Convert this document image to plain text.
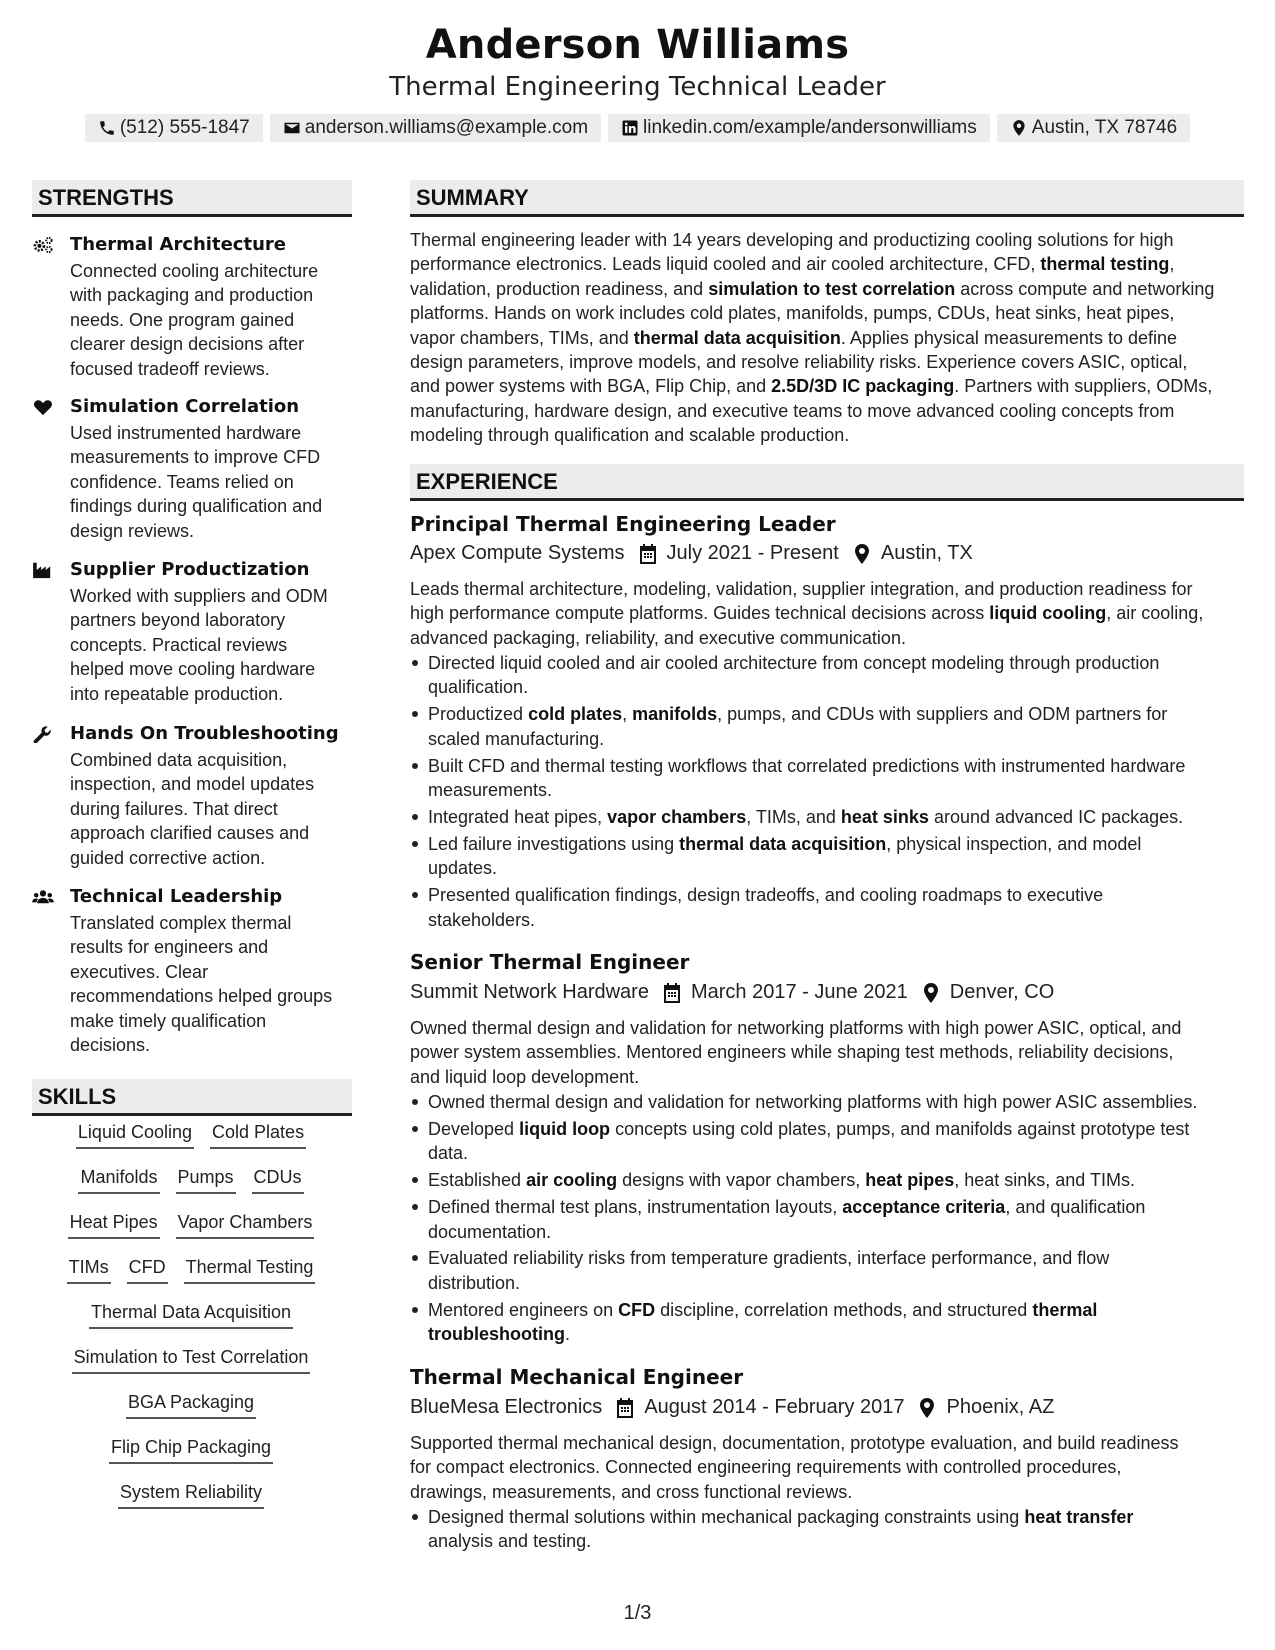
Anderson Williams
Thermal Engineering Technical Leader
(512) 555-1847	anderson.williams@example.com	linkedin.com/example/andersonwilliams	Austin, TX 78746
STRENGTHS
Thermal Architecture
Connected cooling architecture
with packaging and production
needs. One program gained
clearer design decisions after
focused tradeoff reviews.
Simulation Correlation
Used instrumented hardware
measurements to improve CFD
confidence. Teams relied on
findings during qualification and
design reviews.
Supplier Productization
Worked with suppliers and ODM
partners beyond laboratory
concepts. Practical reviews
helped move cooling hardware
into repeatable production.
Hands On Troubleshooting
Combined data acquisition,
inspection, and model updates
during failures. That direct
approach clarified causes and
guided corrective action.
Technical Leadership
Translated complex thermal
results for engineers and
executives. Clear
recommendations helped groups
make timely qualification
decisions.
SKILLS
Liquid Cooling Cold Plates
Manifolds Pumps CDUs
Heat Pipes Vapor Chambers
TIMs CFD Thermal Testing
Thermal Data Acquisition
Simulation to Test Correlation
BGA Packaging
Flip Chip Packaging
System Reliability
SUMMARY
Thermal engineering leader with 14 years developing and productizing cooling solutions for high
performance electronics. Leads liquid cooled and air cooled architecture, CFD, thermal testing,
validation, production readiness, and simulation to test correlation across compute and networking
platforms. Hands on work includes cold plates, manifolds, pumps, CDUs, heat sinks, heat pipes,
vapor chambers, TIMs, and thermal data acquisition. Applies physical measurements to define
design parameters, improve models, and resolve reliability risks. Experience covers ASIC, optical,
and power systems with BGA, Flip Chip, and 2.5D/3D IC packaging. Partners with suppliers, ODMs,
manufacturing, hardware design, and executive teams to move advanced cooling concepts from
modeling through qualification and scalable production.
EXPERIENCE
Principal Thermal Engineering Leader
Apex Compute Systems July 2021 - Present Austin, TX
Leads thermal architecture, modeling, validation, supplier integration, and production readiness for
high performance compute platforms. Guides technical decisions across liquid cooling, air cooling,
advanced packaging, reliability, and executive communication.
Directed liquid cooled and air cooled architecture from concept modeling through production
qualification.
Productized cold plates, manifolds, pumps, and CDUs with suppliers and ODM partners for
scaled manufacturing.
Built CFD and thermal testing workflows that correlated predictions with instrumented hardware
measurements.
Integrated heat pipes, vapor chambers, TIMs, and heat sinks around advanced IC packages.
Led failure investigations using thermal data acquisition, physical inspection, and model
updates.
Presented qualification findings, design tradeoffs, and cooling roadmaps to executive
stakeholders.
Senior Thermal Engineer
Summit Network Hardware March 2017 - June 2021 Denver, CO
Owned thermal design and validation for networking platforms with high power ASIC, optical, and
power system assemblies. Mentored engineers while shaping test methods, reliability decisions,
and liquid loop development.
Owned thermal design and validation for networking platforms with high power ASIC assemblies.
Developed liquid loop concepts using cold plates, pumps, and manifolds against prototype test
data.
Established air cooling designs with vapor chambers, heat pipes, heat sinks, and TIMs.
Defined thermal test plans, instrumentation layouts, acceptance criteria, and qualification
documentation.
Evaluated reliability risks from temperature gradients, interface performance, and flow
distribution.
Mentored engineers on CFD discipline, correlation methods, and structured thermal
troubleshooting.
Thermal Mechanical Engineer
BlueMesa Electronics August 2014 - February 2017 Phoenix, AZ
Supported thermal mechanical design, documentation, prototype evaluation, and build readiness
for compact electronics. Connected engineering requirements with controlled procedures,
drawings, measurements, and cross functional reviews.
Designed thermal solutions within mechanical packaging constraints using heat transfer
analysis and testing.
1/3
